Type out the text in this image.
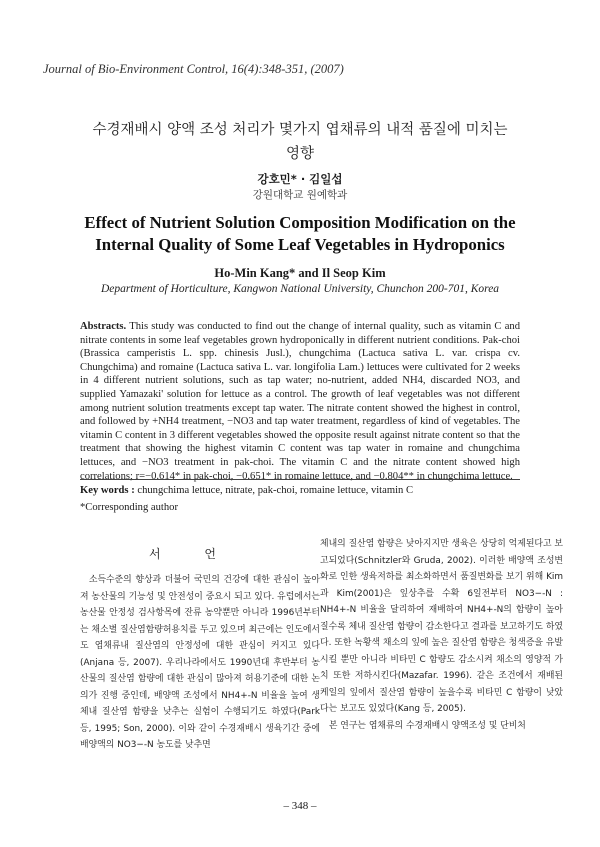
Journal of Bio-Environment Control, 16(4):348-351, (2007)
수경재배시 양액 조성 처리가 몇가지 엽채류의 내적 품질에 미치는
영향
강호민* · 김일섭
강원대학교 원예학과
Effect of Nutrient Solution Composition Modification on the
Internal Quality of Some Leaf Vegetables in Hydroponics
Ho-Min Kang* and Il Seop Kim
Department of Horticulture, Kangwon National University, Chunchon 200-701, Korea
Abstracts. This study was conducted to find out the change of internal quality, such as vitamin C and nitrate contents in some leaf vegetables grown hydroponically in different nutrient conditions. Pak-choi (Brassica camperistis L. spp. chinesis Jusl.), chungchima (Lactuca sativa L. var. crispa cv. Chungchima) and romaine (Lactuca sativa L. var. longifolia Lam.) lettuces were cultivated for 2 weeks in 4 different nutrient solutions, such as tap water; no-nutrient, added NH4, discarded NO3, and supplied Yamazaki' solution for lettuce as a control. The growth of leaf vegetables was not different among nutrient solution treatments except tap water. The nitrate content showed the highest in control, and followed by +NH4 treatment, −NO3 and tap water treatment, regardless of kind of vegetables. The vitamin C content in 3 different vegetables showed the opposite result against nitrate content so that the treatment that showing the highest vitamin C content was tap water in romaine and chungchima lettuces, and −NO3 treatment in pak-choi. The vitamin C and the nitrate content showed high correlations; r=−0.614* in pak-choi, −0.651* in romaine lettuce, and −0.804** in chungchima lettuce.
Key words : chungchima lettuce, nitrate, pak-choi, romaine lettuce, vitamin C
*Corresponding author
서 언

소득수준의 향상과 더불어 국민의 건강에 대한 관심이 높아져 농산물의 기능성 및 안전성이 중요시 되고 있다. 유럽에서는 농산물 안정성 검사항목에 잔류 농약뿐만 아니라 1996년부터는 채소별 질산염함량허용치를 두고 있으며 최근에는 인도에서도 엽채류내 질산염의 안정성에 대한 관심이 커지고 있다(Anjana 등, 2007). 우리나라에서도 1990년대 후반부터 농산물의 질산염 함량에 대한 관심이 많아져 허용기준에 대한 논의가 진행 중인데, 배양액 조성에서 NH4+-N 비율을 높여 생체내 질산염 함량을 낮추는 실험이 수행되기도 하였다(Park 등, 1995; Son, 2000). 이와 같이 수경재배시 생육기간 중에 배양액의 NO3−-N 농도를 낮추면

체내의 질산염 함량은 낮아지지만 생육은 상당히 억제된다고 보고되었다(Schnitzler와 Gruda, 2002). 이러한 배양액 조성변화로 인한 생육저하를 최소화하면서 품질변화를 보기 위해 Kim과 Kim(2001)은 잎상추를 수확 6일전부터 NO3−-N : NH4+-N 비율을 달리하여 재배하여 NH4+-N의 함량이 높아질수록 체내 질산염 함량이 감소한다고 결과를 보고하기도 하였다. 또한 녹황색 채소의 잎에 높은 질산염 함량은 청색증을 유발시킬 뿐만 아니라 비타민 C 함량도 감소시켜 채소의 영양적 가치 또한 저하시킨다(Mazafar. 1996). 같은 조건에서 재배된 케일의 잎에서 질산염 함량이 높을수록 비타민 C 함량이 낮았다는 보고도 있었다(Kang 등, 2005).

본 연구는 엽채류의 수경재배시 양액조성 및 단비처

– 348 –
